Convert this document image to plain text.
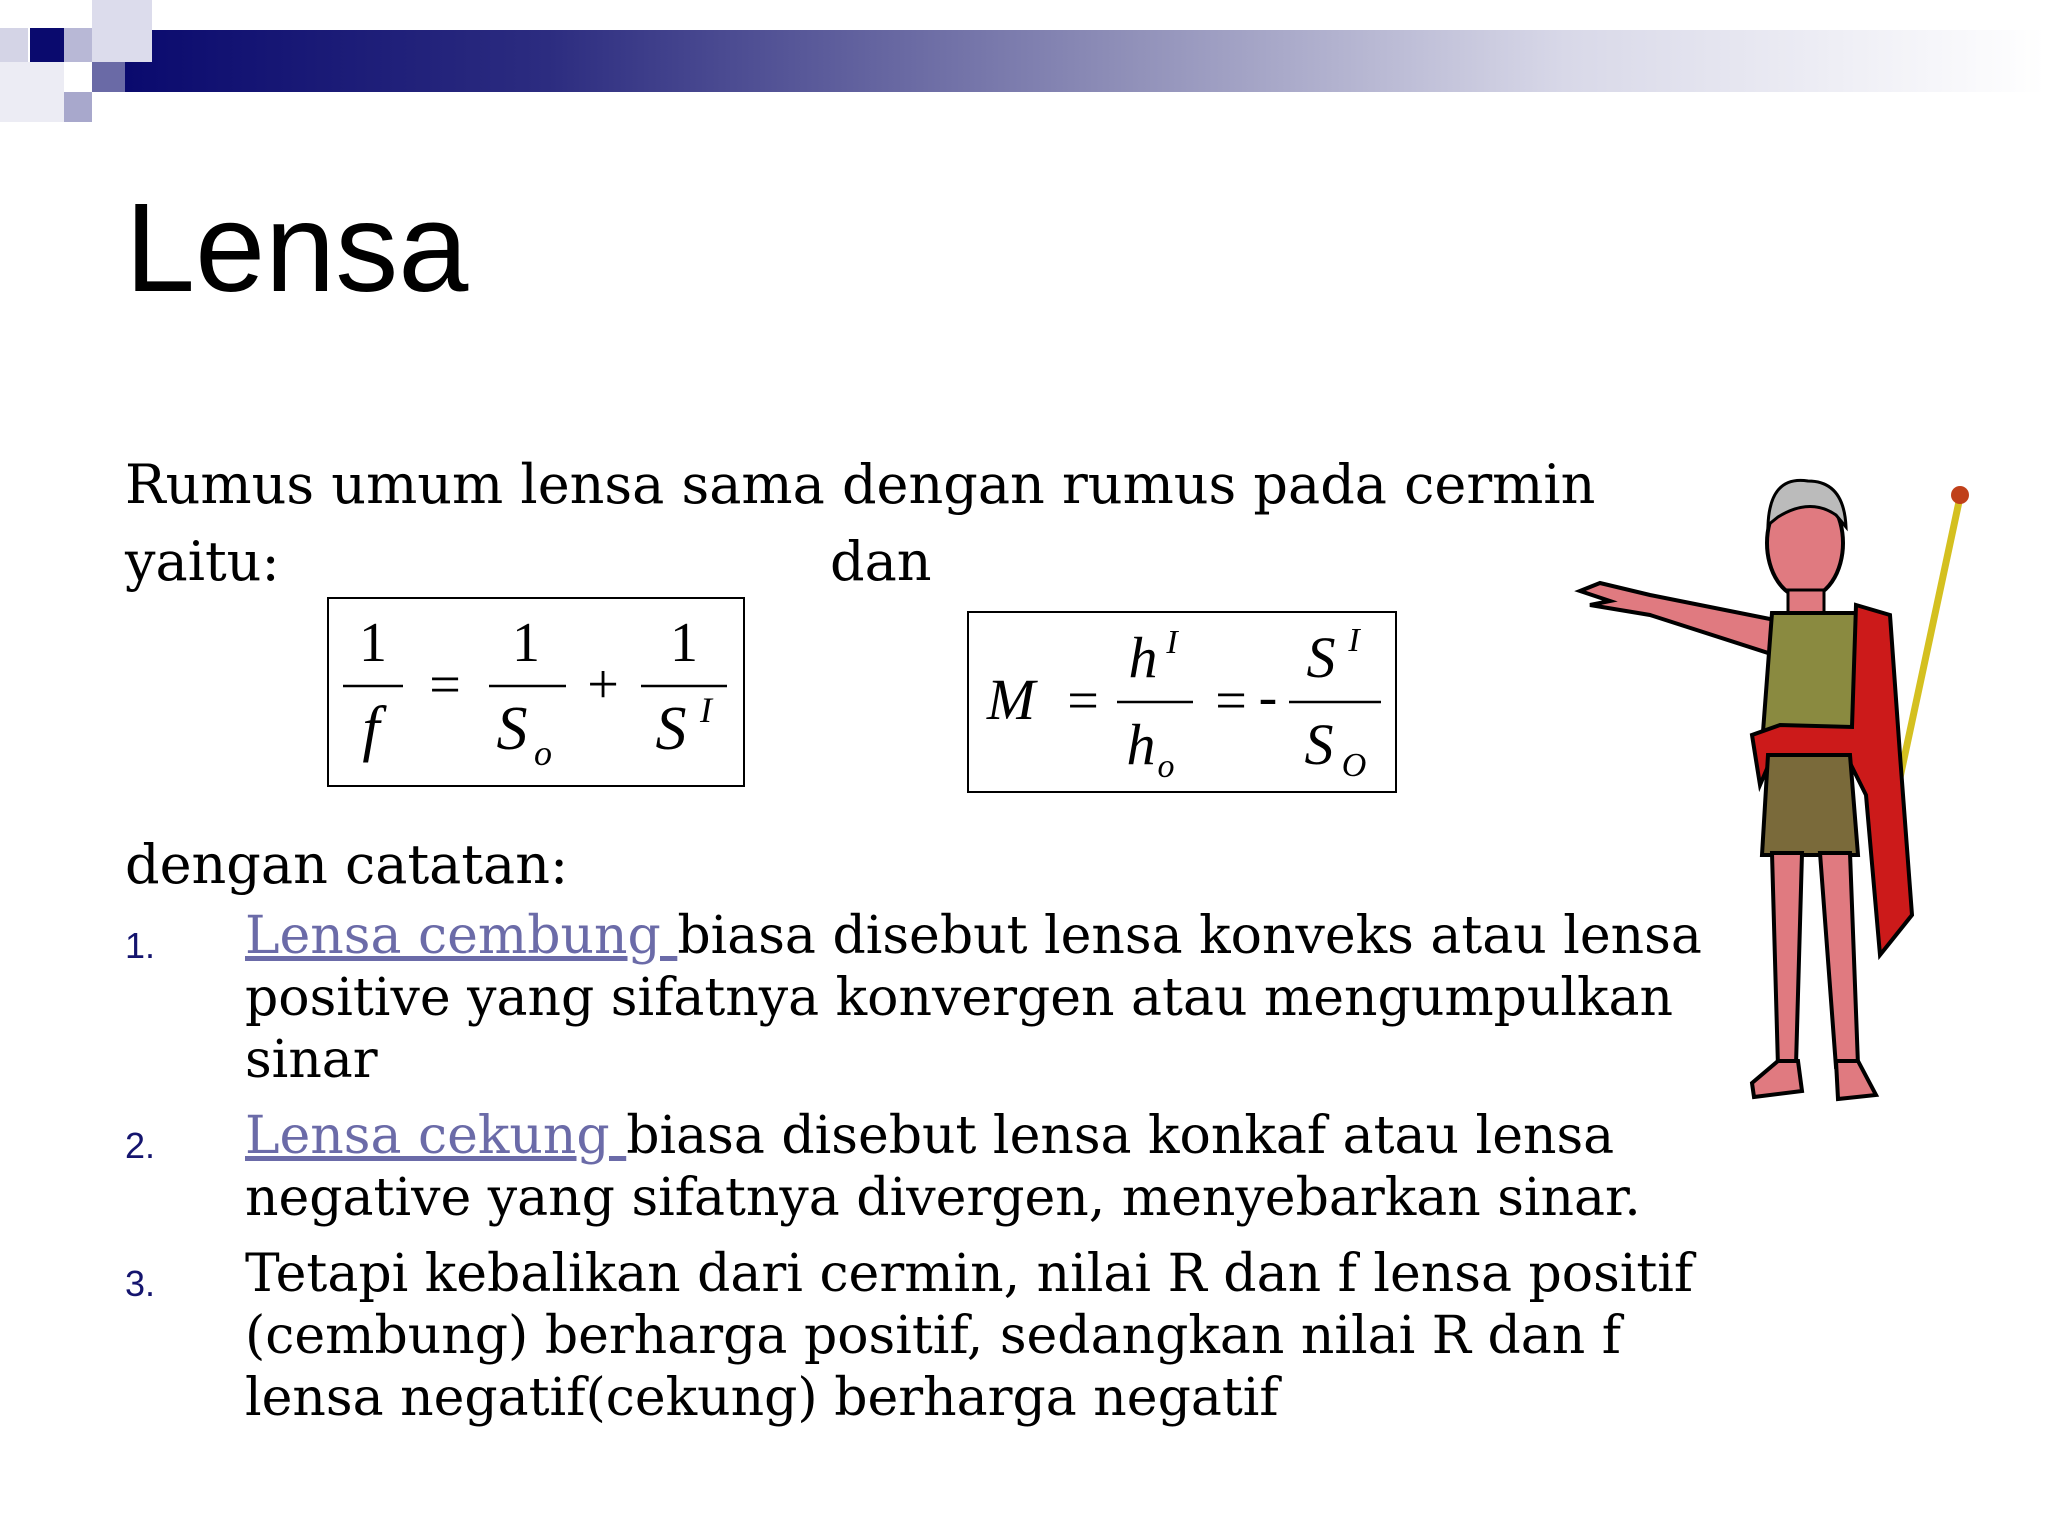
Lensa

Rumus umum lensa sama dengan rumus pada cermin

yaitu:	dan

1
f
=
1
S o
+
1
S I	M =
h I
h o
= -
S I
S O

dengan catatan:

1. Lensa cembung biasa disebut lensa konveks atau lensa positive yang sifatnya konvergen atau mengumpulkan sinar
2. Lensa cekung biasa disebut lensa konkaf atau lensa negative yang sifatnya divergen, menyebarkan sinar.
3. Tetapi kebalikan dari cermin, nilai R dan f lensa positif (cembung) berharga positif, sedangkan nilai R dan f lensa negatif(cekung) berharga negatif
